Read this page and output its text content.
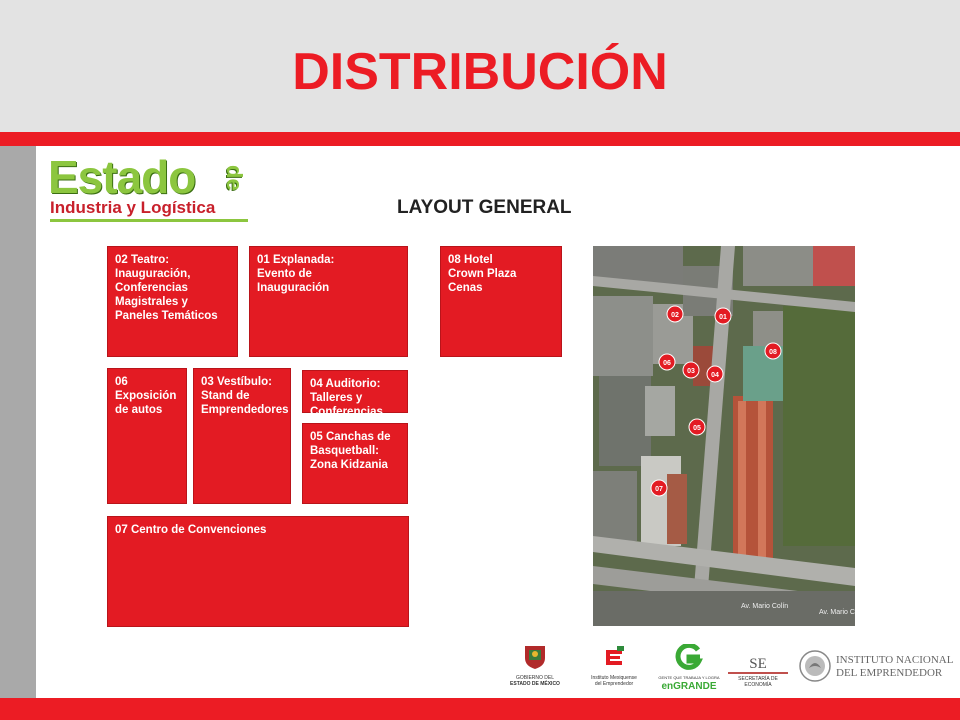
DISTRIBUCIÓN
Estado de
Industria y Logística	LAYOUT GENERAL
02 Teatro:
Inauguración,
Conferencias
Magistrales y
Paneles Temáticos
01 Explanada:
Evento de
Inauguración
08 Hotel
Crown Plaza
Cenas
06
Exposición
de autos
03 Vestíbulo:
Stand de
Emprendedores
04 Auditorio:
Talleres y
Conferencias
05 Canchas de
Basquetball:
Zona Kidzania
07 Centro de Convenciones
02	01
08
06
03
04
05
07
Av. Mario Colín
Av. Mario C
GOBIERNO DEL
ESTADO DE MÉXICO
Instituto Mexiquense
del Emprendedor
GENTE QUE TRABAJA Y LOGRA
enGRANDE
SE
SECRETARÍA DE ECONOMÍA
INSTITUTO NACIONAL
DEL EMPRENDEDOR
